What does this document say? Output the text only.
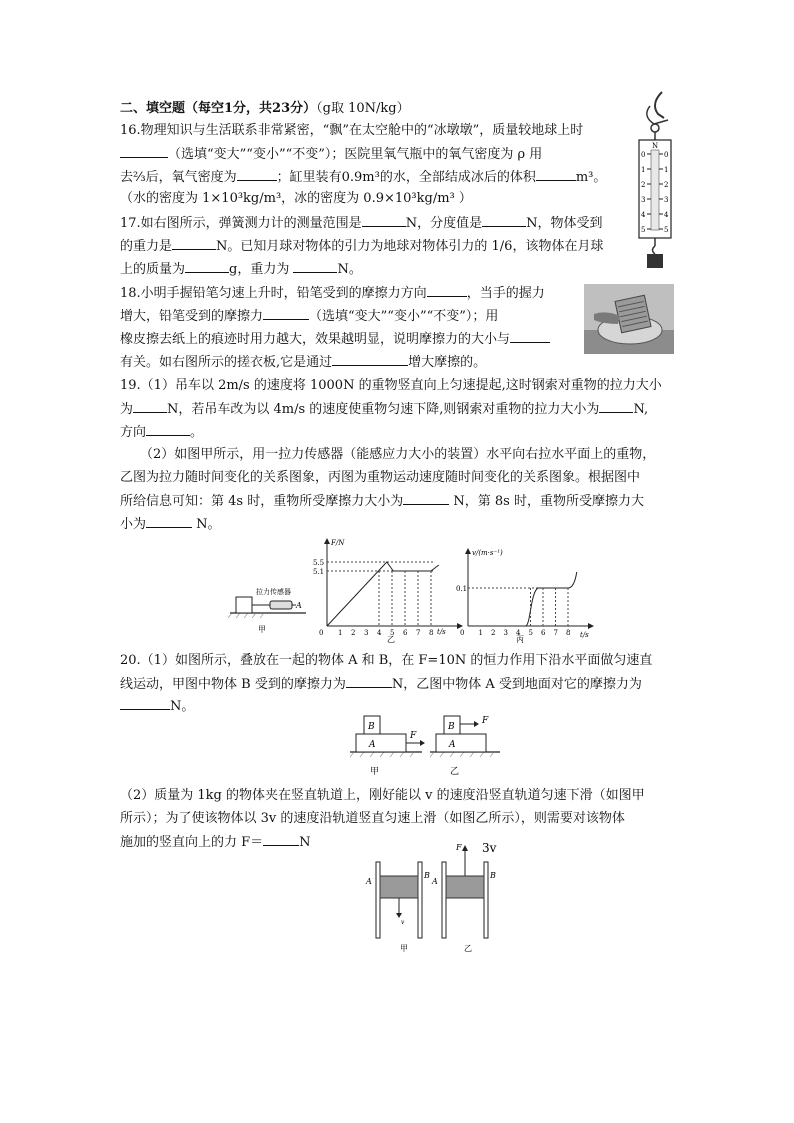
二、填空题（每空1分，共23分）（g取 10N/kg）
16.物理知识与生活联系非常紧密，“飘”在太空舱中的“冰墩墩”，质量较地球上时
（选填“变大”“变小”“不变”）；医院里氧气瓶中的氧气密度为 ρ 用
去⅔后，氧气密度为	；缸里装有0.9m³的水，全部结成冰后的体积	m³。
（水的密度为 1×10³kg/m³，冰的密度为 0.9×10³kg/m³ ）
17.如右图所示，弹簧测力计的测量范围是	N，分度值是	N，物体受到
的重力是	N。已知月球对物体的引力为地球对物体引力的 1/6，该物体在月球
上的质量为	g，重力为	N。
18.小明手握铅笔匀速上升时，铅笔受到的摩擦力方向	，当手的握力
增大，铅笔受到的摩擦力	（选填“变大”“变小”“不变”）；用
橡皮擦去纸上的痕迹时用力越大，效果越明显，说明摩擦力的大小与
有关。如右图所示的搓衣板,它是通过	增大摩擦的。
19.（1）吊车以 2m/s 的速度将 1000N 的重物竖直向上匀速提起,这时钢索对重物的拉力大小
为	N，若吊车改为以 4m/s 的速度使重物匀速下降,则钢索对重物的拉力大小为	N,
方向	。
（2）如图甲所示，用一拉力传感器（能感应力大小的装置）水平向右拉水平面上的重物，
乙图为拉力随时间变化的关系图象，丙图为重物运动速度随时间变化的关系图象。根据图中
所给信息可知：第 4s 时，重物所受摩擦力大小为	N，第 8s 时，重物所受摩擦力大
小为	N。
20.（1）如图所示，叠放在一起的物体 A 和 B，在 F=10N 的恒力作用下沿水平面做匀速直
线运动，甲图中物体 B 受到的摩擦力为	N，乙图中物体 A 受到地面对它的摩擦力为
N。
（2）质量为 1kg 的物体夹在竖直轨道上，刚好能以 v 的速度沿竖直轨道匀速下滑（如图甲
所示）；为了使该物体以 3v 的速度沿轨道竖直匀速上滑（如图乙所示），则需要对该物体
施加的竖直向上的力 F＝	N
N
0
1
2
3
4
5
0
1
2
3
4
5
拉力传感器
A
甲
F/N
t/s
0 1 2 3 4 5 6 7 8
5.5
5.1
乙
v/(m·s⁻¹)
t/s
0
0.1
1 2 3 4 5 6 7 8
丙
A
B
F
甲
A
B
F
乙
A
B
v
甲
A
B
F 3v
乙
